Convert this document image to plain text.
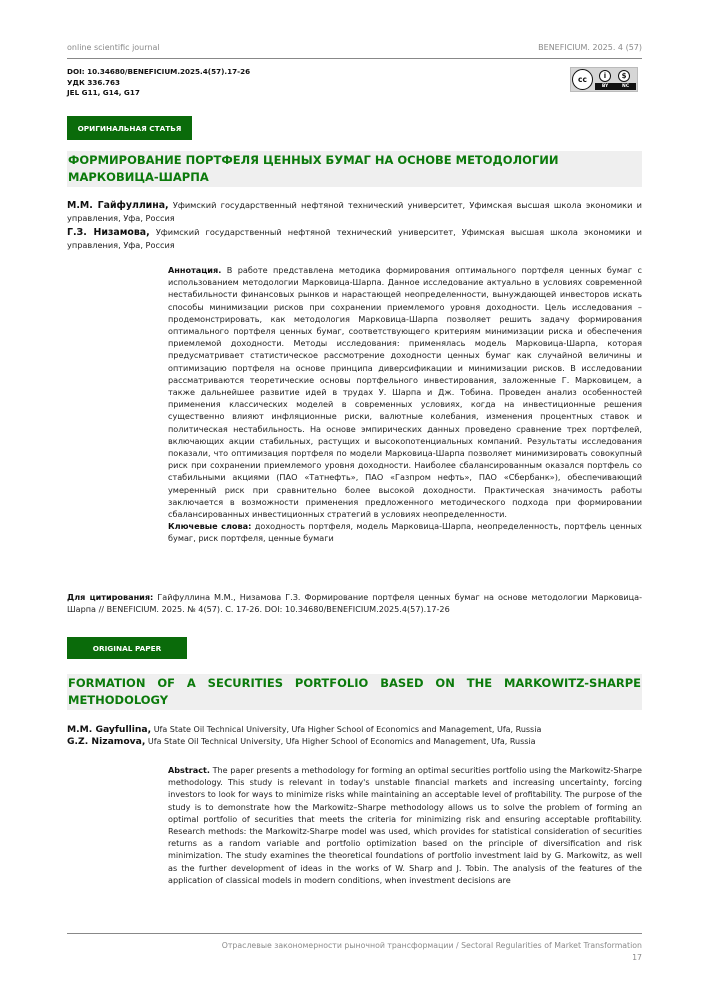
online scientific journal	BENEFICIUM. 2025. 4 (57)
DOI: 10.34680/BENEFICIUM.2025.4(57).17-26
УДК 336.763
JEL G11, G14, G17
cc	i	$
BY	NC
ОРИГИНАЛЬНАЯ СТАТЬЯ
ФОРМИРОВАНИЕ ПОРТФЕЛЯ ЦЕННЫХ БУМАГ НА ОСНОВЕ МЕТОДОЛОГИИ МАРКОВИЦА-ШАРПА
М.М. Гайфуллина, Уфимский государственный нефтяной технический университет, Уфимская высшая школа экономики и управления, Уфа, Россия
Г.З. Низамова, Уфимский государственный нефтяной технический университет, Уфимская высшая школа экономики и управления, Уфа, Россия
Аннотация. В работе представлена методика формирования оптимального портфеля ценных бумаг с использованием методологии Марковица-Шарпа. Данное исследование актуально в условиях современной нестабильности финансовых рынков и нарастающей неопределенности, вынуждающей инвесторов искать способы минимизации рисков при сохранении приемлемого уровня доходности. Цель исследования – продемонстрировать, как методология Марковица-Шарпа позволяет решить задачу формирования оптимального портфеля ценных бумаг, соответствующего критериям минимизации риска и обеспечения приемлемой доходности. Методы исследования: применялась модель Марковица-Шарпа, которая предусматривает статистическое рассмотрение доходности ценных бумаг как случайной величины и оптимизацию портфеля на основе принципа диверсификации и минимизации рисков. В исследовании рассматриваются теоретические основы портфельного инвестирования, заложенные Г. Марковицем, а также дальнейшее развитие идей в трудах У. Шарпа и Дж. Тобина. Проведен анализ особенностей применения классических моделей в современных условиях, когда на инвестиционные решения существенно влияют инфляционные риски, валютные колебания, изменения процентных ставок и политическая нестабильность. На основе эмпирических данных проведено сравнение трех портфелей, включающих акции стабильных, растущих и высокопотенциальных компаний. Результаты исследования показали, что оптимизация портфеля по модели Марковица-Шарпа позволяет минимизировать совокупный риск при сохранении приемлемого уровня доходности. Наиболее сбалансированным оказался портфель со стабильными акциями (ПАО «Татнефть», ПАО «Газпром нефть», ПАО «Сбербанк»), обеспечивающий умеренный риск при сравнительно более высокой доходности. Практическая значимость работы заключается в возможности применения предложенного методического подхода при формировании сбалансированных инвестиционных стратегий в условиях неопределенности.
Ключевые слова: доходность портфеля, модель Марковица-Шарпа, неопределенность, портфель ценных бумаг, риск портфеля, ценные бумаги
Для цитирования: Гайфуллина М.М., Низамова Г.З. Формирование портфеля ценных бумаг на основе методологии Марковица-Шарпа // BENEFICIUM. 2025. № 4(57). С. 17-26. DOI: 10.34680/BENEFICIUM.2025.4(57).17-26
ORIGINAL PAPER
FORMATION OF A SECURITIES PORTFOLIO BASED ON THE MARKOWITZ-SHARPE METHODOLOGY
M.M. Gayfullina, Ufa State Oil Technical University, Ufa Higher School of Economics and Management, Ufa, Russia
G.Z. Nizamova, Ufa State Oil Technical University, Ufa Higher School of Economics and Management, Ufa, Russia
Abstract. The paper presents a methodology for forming an optimal securities portfolio using the Markowitz-Sharpe methodology. This study is relevant in today's unstable financial markets and increasing uncertainty, forcing investors to look for ways to minimize risks while maintaining an acceptable level of profitability. The purpose of the study is to demonstrate how the Markowitz–Sharpe methodology allows us to solve the problem of forming an optimal portfolio of securities that meets the criteria for minimizing risk and ensuring acceptable profitability. Research methods: the Markowitz-Sharpe model was used, which provides for statistical consideration of securities returns as a random variable and portfolio optimization based on the principle of diversification and risk minimization. The study examines the theoretical foundations of portfolio investment laid by G. Markowitz, as well as the further development of ideas in the works of W. Sharp and J. Tobin. The analysis of the features of the application of classical models in modern conditions, when investment decisions are
Отраслевые закономерности рыночной трансформации / Sectoral Regularities of Market Transformation
17
